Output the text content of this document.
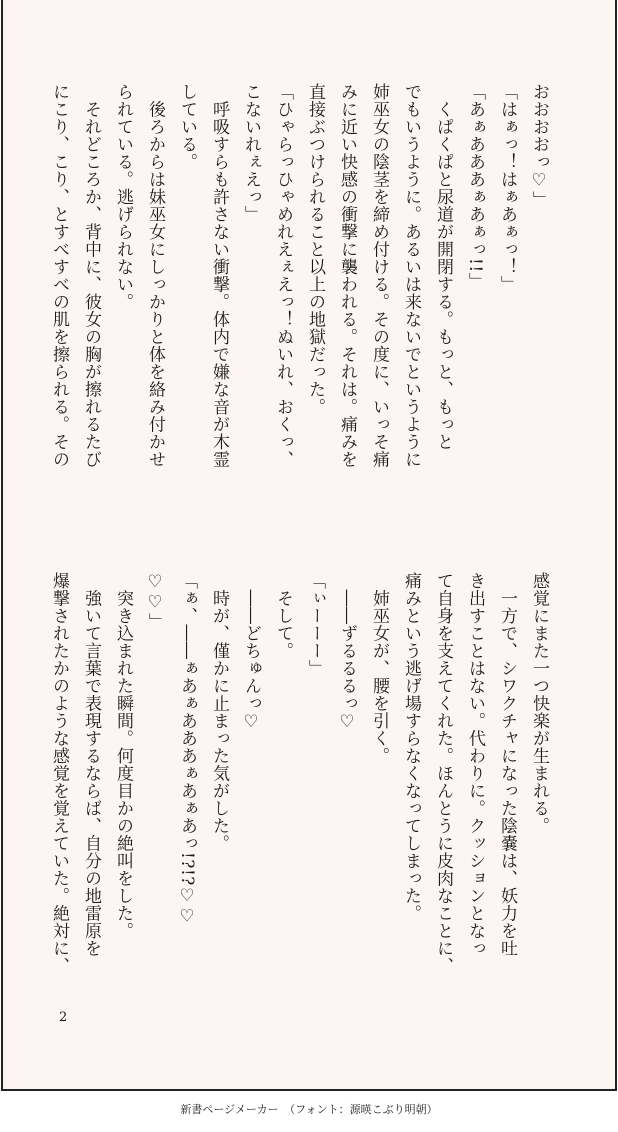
おおおおっ♡」
「はぁっ！はぁあぁっ！」
「あぁあああぁあぁっ!!」
　くぱくぱと尿道が開閉する。もっと、もっと
でもいうように。あるいは来ないでというように
姉巫女の陰茎を締め付ける。その度に、いっそ痛
みに近い快感の衝撃に襲われる。それは。痛みを
直接ぶつけられること以上の地獄だった。
「ひゃらっひゃめれえぇえっ！ぬいれ、おくっ、
こないれぇえっ」
　呼吸すらも許さない衝撃。体内で嫌な音が木霊
している。
　後ろからは妹巫女にしっかりと体を絡み付かせ
られている。逃げられない。
　それどころか、背中に、彼女の胸が擦れるたび
にこり、こり、とすべすべの肌を擦られる。その
感覚にまた一つ快楽が生まれる。
　一方で、シワクチャになった陰嚢は、妖力を吐
き出すことはない。代わりに。クッションとなっ
て自身を支えてくれた。ほんとうに皮肉なことに、
痛みという逃げ場すらなくなってしまった。
　姉巫女が、腰を引く。
　――ずるるるっ♡
「ぃーーー」
　そして。
　――どちゅんっ♡
　時が、僅かに止まった気がした。
「ぁ、――ぁあぁあああぁあぁあっ!?!?♡♡
♡♡」
　突き込まれた瞬間。何度目かの絶叫をした。
　強いて言葉で表現するならば、自分の地雷原を
爆撃されたかのような感覚を覚えていた。絶対に、
2
新書ページメーカー　（フォント：源暎こぶり明朝）
